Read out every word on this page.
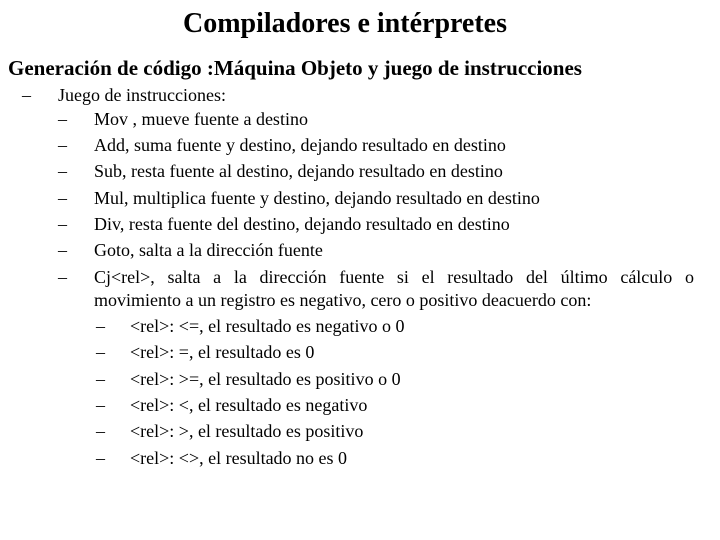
Compiladores e intérpretes
Generación de código :Máquina Objeto y juego de instrucciones
– Juego de instrucciones:
–	Mov , mueve fuente a destino
–	Add, suma fuente y destino, dejando resultado en destino
–	Sub, resta fuente al destino, dejando resultado en destino
–	Mul, multiplica fuente y destino, dejando resultado en destino
–	Div, resta fuente del destino, dejando resultado en destino
–	Goto, salta a la dirección fuente
–	Cj<rel>, salta a la dirección fuente si el resultado del último cálculo o
movimiento a un registro es negativo, cero o positivo deacuerdo con:
–	<rel>: <=, el resultado es negativo o 0
–	<rel>: =, el resultado es 0
–	<rel>: >=, el resultado es positivo o 0
–	<rel>: <, el resultado es negativo
–	<rel>: >, el resultado es positivo
–	<rel>: <>, el resultado no es 0
